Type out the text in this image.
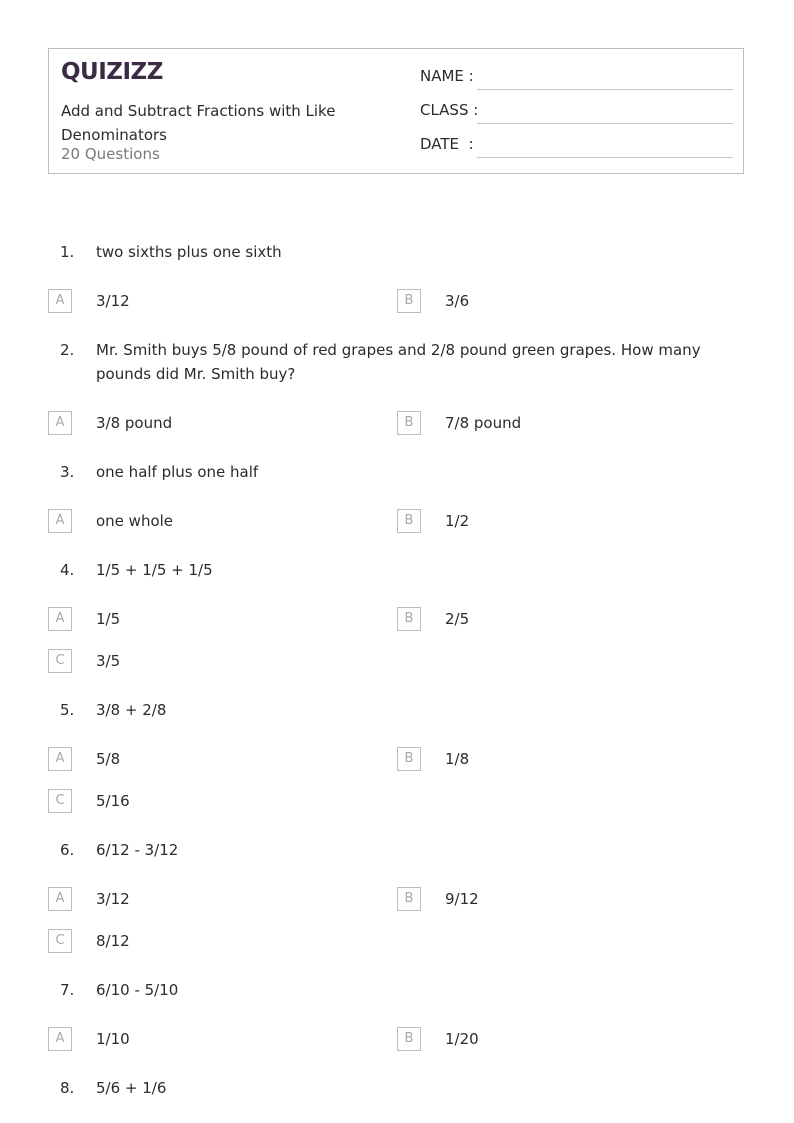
QUIZIZZ
Add and Subtract Fractions with Like Denominators
20 Questions
NAME :
CLASS :
DATE  :
1. two sixths plus one sixth
A	3/12	B	3/6
2. Mr. Smith buys 5/8 pound of red grapes and 2/8 pound green grapes. How many pounds did Mr. Smith buy?
A	3/8 pound	B	7/8 pound
3. one half plus one half
A	one whole	B	1/2
4. 1/5 + 1/5 + 1/5
A	1/5	B	2/5
C	3/5
5. 3/8 + 2/8
A	5/8	B	1/8
C	5/16
6. 6/12 - 3/12
A	3/12	B	9/12
C	8/12
7. 6/10 - 5/10
A	1/10	B	1/20
8. 5/6 + 1/6
